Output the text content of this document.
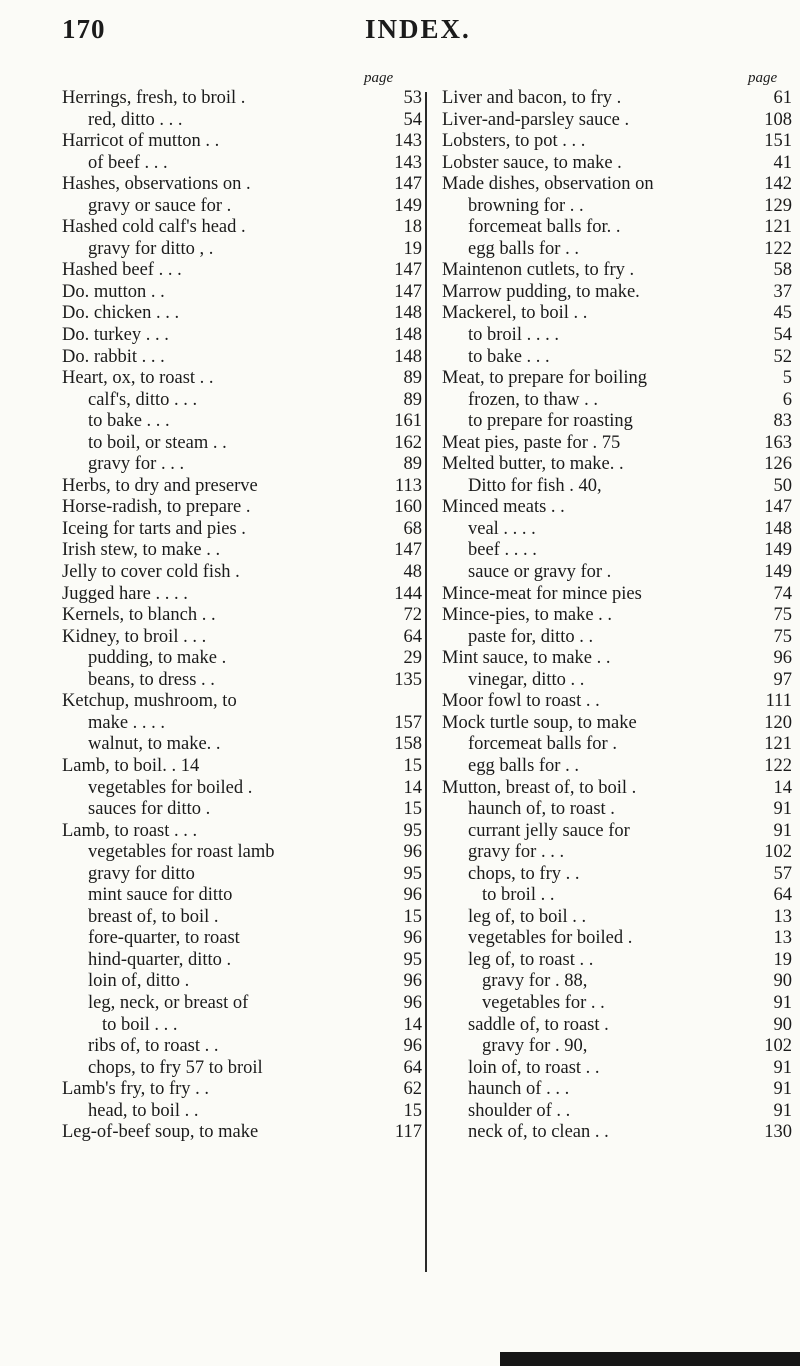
170	INDEX.
page
Herrings, fresh, to broil .	53
red, ditto . . .	54
Harricot of mutton . .	143
of beef . . .	143
Hashes, observations on .	147
gravy or sauce for .	149
Hashed cold calf's head .	18
gravy for ditto , .	19
Hashed beef . . .	147
Do. mutton . .	147
Do. chicken . . .	148
Do. turkey . . .	148
Do. rabbit . . .	148
Heart, ox, to roast . .	89
calf's, ditto . . .	89
to bake . . .	161
to boil, or steam . .	162
gravy for . . .	89
Herbs, to dry and preserve	113
Horse-radish, to prepare .	160
Iceing for tarts and pies .	68
Irish stew, to make . .	147
Jelly to cover cold fish .	48
Jugged hare . . . .	144
Kernels, to blanch . .	72
Kidney, to broil . . .	64
pudding, to make .	29
beans, to dress . .	135
Ketchup, mushroom, to
make . . . .	157
walnut, to make. .	158
Lamb, to boil. . 14	15
vegetables for boiled .	14
sauces for ditto .	15
Lamb, to roast . . .	95
vegetables for roast lamb	96
gravy for ditto	95
mint sauce for ditto	96
breast of, to boil .	15
fore-quarter, to roast	96
hind-quarter, ditto .	95
loin of, ditto .	96
leg, neck, or breast of	96
to boil . . .	14
ribs of, to roast . .	96
chops, to fry 57 to broil	64
Lamb's fry, to fry . .	62
head, to boil . .	15
Leg-of-beef soup, to make	117
page
Liver and bacon, to fry .	61
Liver-and-parsley sauce .	108
Lobsters, to pot . . .	151
Lobster sauce, to make .	41
Made dishes, observation on	142
browning for . .	129
forcemeat balls for. .	121
egg balls for . .	122
Maintenon cutlets, to fry .	58
Marrow pudding, to make.	37
Mackerel, to boil . .	45
to broil . . . .	54
to bake . . .	52
Meat, to prepare for boiling	5
frozen, to thaw . .	6
to prepare for roasting	83
Meat pies, paste for . 75	163
Melted butter, to make. .	126
Ditto for fish . 40,	50
Minced meats . .	147
veal . . . .	148
beef . . . .	149
sauce or gravy for .	149
Mince-meat for mince pies	74
Mince-pies, to make . .	75
paste for, ditto . .	75
Mint sauce, to make . .	96
vinegar, ditto . .	97
Moor fowl to roast . .	111
Mock turtle soup, to make	120
forcemeat balls for .	121
egg balls for . .	122
Mutton, breast of, to boil .	14
haunch of, to roast .	91
currant jelly sauce for	91
gravy for . . .	102
chops, to fry . .	57
to broil . .	64
leg of, to boil . .	13
vegetables for boiled .	13
leg of, to roast . .	19
gravy for . 88,	90
vegetables for . .	91
saddle of, to roast .	90
gravy for . 90,	102
loin of, to roast . .	91
haunch of . . .	91
shoulder of . .	91
neck of, to clean . .	130
